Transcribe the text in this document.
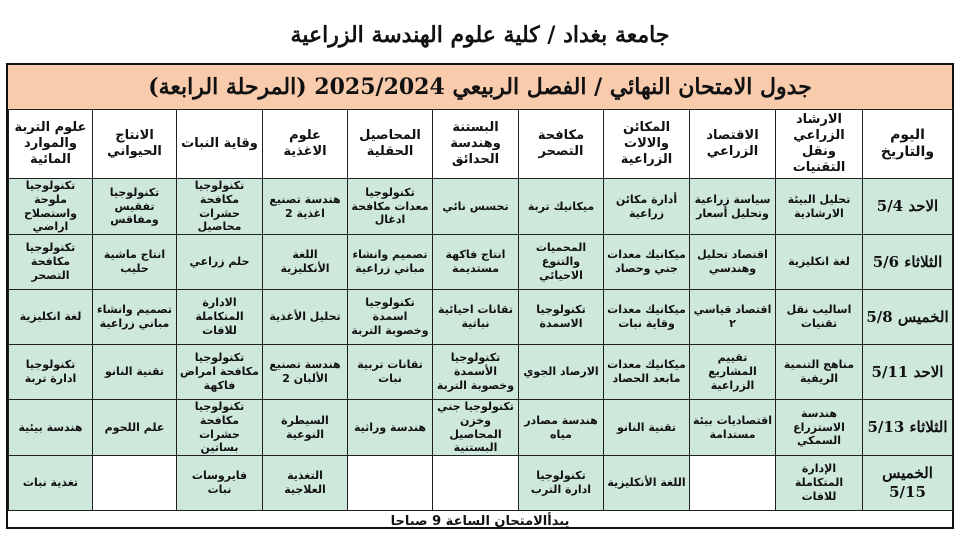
جامعة بغداد / كلية علوم الهندسة الزراعية
جدول الامتحان النهائي / الفصل الربيعي 2025/2024 (المرحلة الرابعة)
اليوم والتاريخ	الارشاد الزراعي ونقل التقنيات	الاقتصاد الزراعي	المكائن والالات الزراعية	مكافحة التصحر	البستنة وهندسة الحدائق	المحاصيل الحقلية	علوم الاغذية	وقاية النبات	الانتاج الحيواني	علوم التربة والموارد المائية
الاحد 5/4	تحليل البيئة الارشادية	سياسة زراعية وتحليل أسعار	أدارة مكائن زراعية	ميكانيك تربة	تحسس نائي	تكنولوجيا معدات مكافحة ادغال	هندسة تصنيع اغذية 2	تكنولوجيا مكافحة حشرات محاصيل	تكنولوجيا تفقيس ومفاقس	تكنولوجيا ملوحة واستصلاح اراضي
الثلاثاء 5/6	لغة انكليزية	اقتصاد تحليل وهندسي	ميكانيك معدات جني وحصاد	المحميات والتنوع الاحيائي	انتاج فاكهة مستديمة	تصميم وانشاء مباني زراعية	اللغة الأنكليزية	حلم زراعي	انتاج ماشية حليب	تكنولوجيا مكافحة التصحر
الخميس 5/8	اساليب نقل تقنيات	اقتصاد قياسي ٢	ميكانيك معدات وقاية نبات	تكنولوجيا الاسمدة	تقانات احيائية نباتية	تكنولوجيا اسمدة وخصوبة التربة	تحليل الأغذية	الادارة المتكاملة للافات	تصميم وانشاء مباني زراعية	لغة انكليزية
الاحد 5/11	مناهج التنمية الريفية	تقييم المشاريع الزراعية	ميكانيك معدات مابعد الحصاد	الارصاد الجوي	تكنولوجيا الأسمدة وخصوبة التربة	تقانات تربية نبات	هندسة تصنيع الألبان 2	تكنولوجيا مكافحة امراض فاكهة	تقنية النانو	تكنولوجيا ادارة تربة
الثلاثاء 5/13	هندسة الاستزراع السمكي	اقتصاديات بيئة مستدامة	تقنية النانو	هندسة مصادر مياه	تكنولوجيا جني وخزن المحاصيل البستنية	هندسة وراثية	السيطرة النوعية	تكنولوجيا مكافحة حشرات بساتين	علم اللحوم	هندسة بيئية
الخميس 5/15	الإدارة المتكاملة للافات		اللغة الأنكليزية	تكنولوجيا ادارة الترب			التغذية العلاجية	فايروسات نبات		تغذية نبات
يبدأالامتحان الساعة 9 صباحا
